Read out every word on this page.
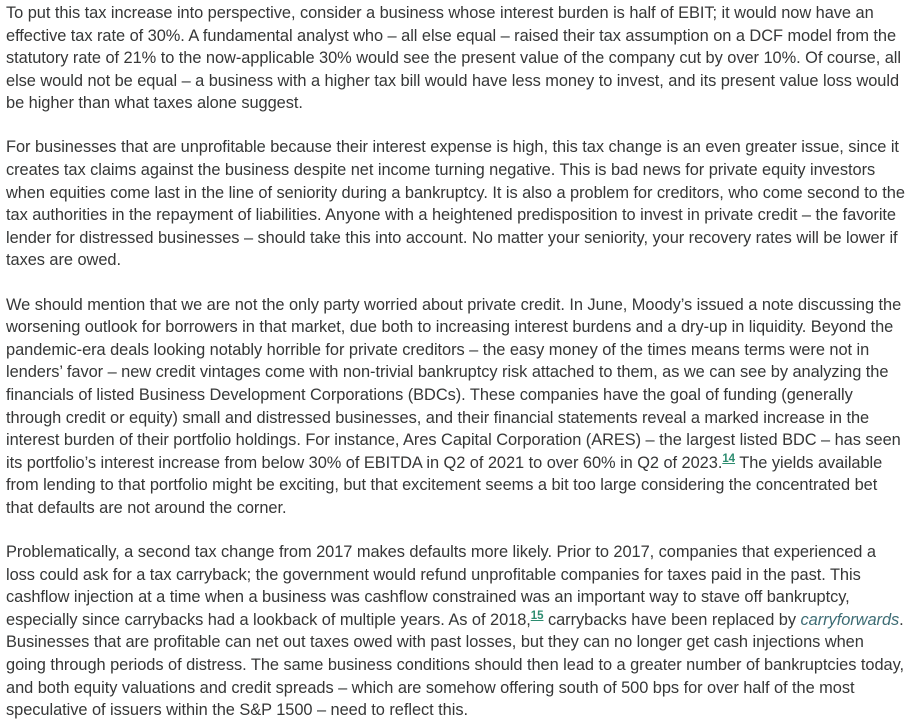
To put this tax increase into perspective, consider a business whose interest burden is half of EBIT; it would now have an effective tax rate of 30%. A fundamental analyst who – all else equal – raised their tax assumption on a DCF model from the statutory rate of 21% to the now-applicable 30% would see the present value of the company cut by over 10%. Of course, all else would not be equal – a business with a higher tax bill would have less money to invest, and its present value loss would be higher than what taxes alone suggest.

For businesses that are unprofitable because their interest expense is high, this tax change is an even greater issue, since it creates tax claims against the business despite net income turning negative. This is bad news for private equity investors when equities come last in the line of seniority during a bankruptcy. It is also a problem for creditors, who come second to the tax authorities in the repayment of liabilities. Anyone with a heightened predisposition to invest in private credit – the favorite lender for distressed businesses – should take this into account. No matter your seniority, your recovery rates will be lower if taxes are owed.

We should mention that we are not the only party worried about private credit. In June, Moody’s issued a note discussing the worsening outlook for borrowers in that market, due both to increasing interest burdens and a dry-up in liquidity. Beyond the pandemic-era deals looking notably horrible for private creditors – the easy money of the times means terms were not in lenders’ favor – new credit vintages come with non-trivial bankruptcy risk attached to them, as we can see by analyzing the financials of listed Business Development Corporations (BDCs). These companies have the goal of funding (generally through credit or equity) small and distressed businesses, and their financial statements reveal a marked increase in the interest burden of their portfolio holdings. For instance, Ares Capital Corporation (ARES) – the largest listed BDC – has seen its portfolio’s interest increase from below 30% of EBITDA in Q2 of 2021 to over 60% in Q2 of 2023.14 The yields available from lending to that portfolio might be exciting, but that excitement seems a bit too large considering the concentrated bet that defaults are not around the corner.

Problematically, a second tax change from 2017 makes defaults more likely. Prior to 2017, companies that experienced a loss could ask for a tax carryback; the government would refund unprofitable companies for taxes paid in the past. This cashflow injection at a time when a business was cashflow constrained was an important way to stave off bankruptcy, especially since carrybacks had a lookback of multiple years. As of 2018,15 carrybacks have been replaced by carryforwards. Businesses that are profitable can net out taxes owed with past losses, but they can no longer get cash injections when going through periods of distress. The same business conditions should then lead to a greater number of bankruptcies today, and both equity valuations and credit spreads – which are somehow offering south of 500 bps for over half of the most speculative of issuers within the S&P 1500 – need to reflect this.
